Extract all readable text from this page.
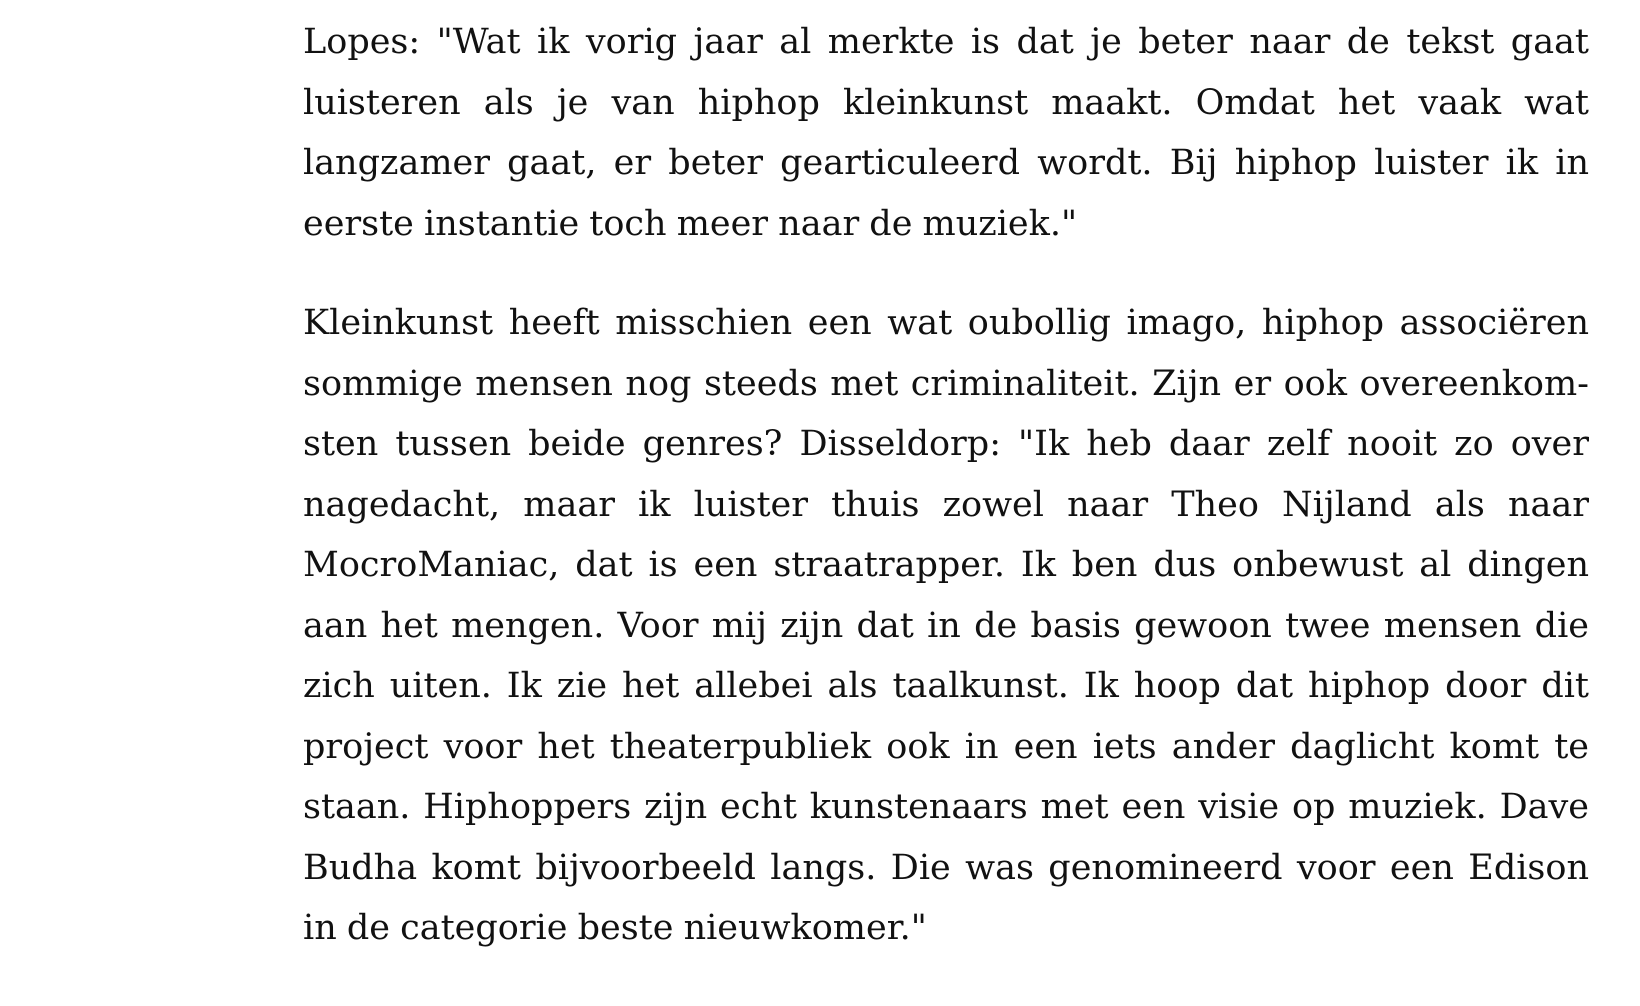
Lopes: "Wat ik vorig jaar al merkte is dat je beter naar de tekst gaat luisteren als je van hiphop kleinkunst maakt. Omdat het vaak wat langzamer gaat, er beter gearticuleerd wordt. Bij hiphop luister ik in eerste instantie toch meer naar de muziek."

Kleinkunst heeft misschien een wat oubollig imago, hiphop associëren sommige mensen nog steeds met criminaliteit. Zijn er ook overeenkomsten tussen beide genres? Disseldorp: "Ik heb daar zelf nooit zo over nagedacht, maar ik luister thuis zowel naar Theo Nijland als naar MocroManiac, dat is een straatrapper. Ik ben dus onbewust al dingen aan het mengen. Voor mij zijn dat in de basis gewoon twee mensen die zich uiten. Ik zie het allebei als taalkunst. Ik hoop dat hiphop door dit project voor het theaterpubliek ook in een iets ander daglicht komt te staan. Hiphoppers zijn echt kunstenaars met een visie op muziek. Dave Budha komt bijvoorbeeld langs. Die was genomineerd voor een Edison in de categorie beste nieuwkomer."
